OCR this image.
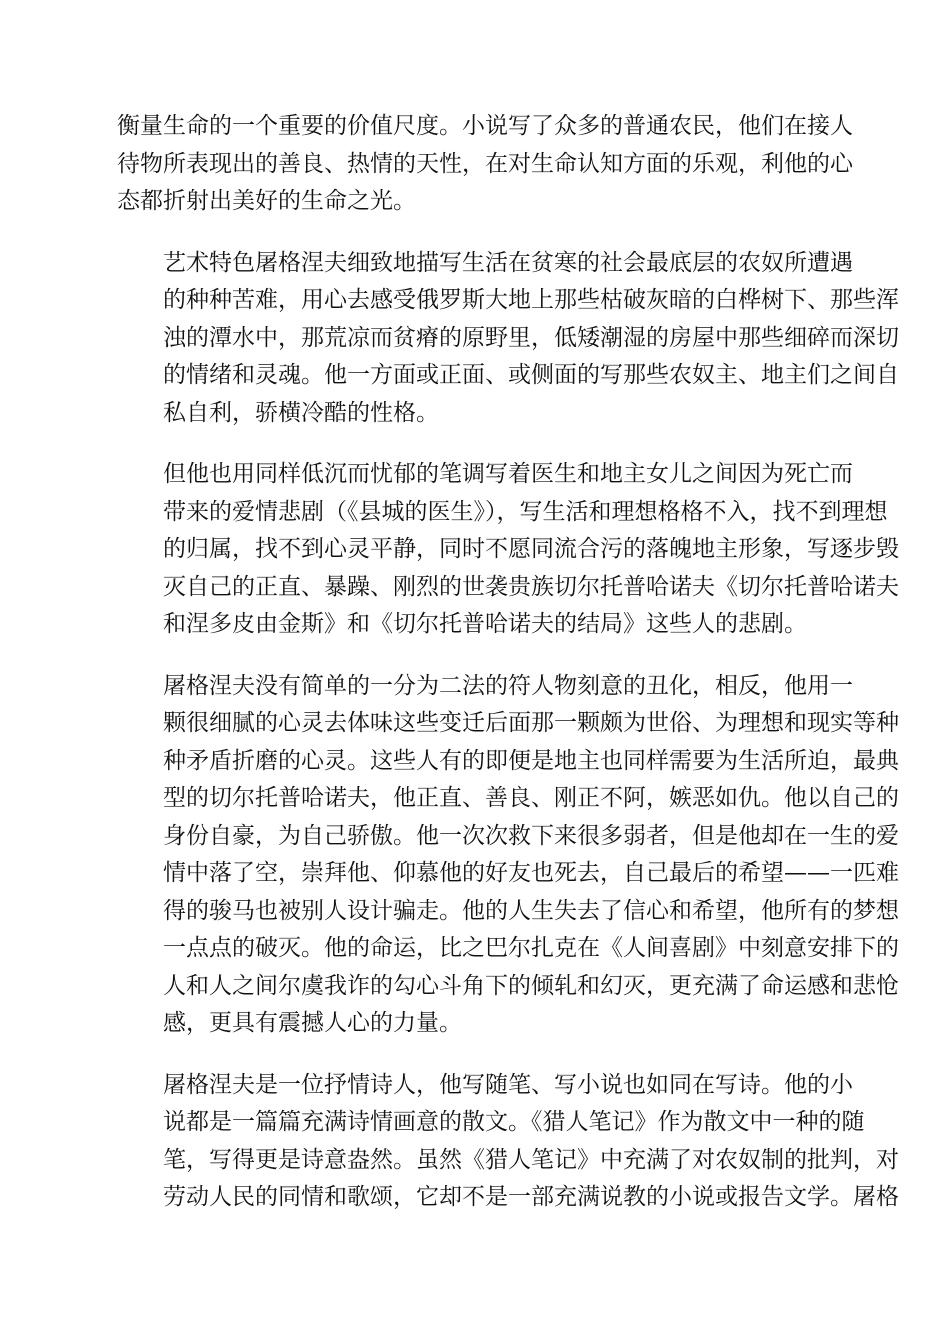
衡量生命的一个重要的价值尺度。小说写了众多的普通农民，他们在接人
待物所表现出的善良、热情的天性，在对生命认知方面的乐观，利他的心
态都折射出美好的生命之光。

艺术特色屠格涅夫细致地描写生活在贫寒的社会最底层的农奴所遭遇
的种种苦难，用心去感受俄罗斯大地上那些枯破灰暗的白桦树下、那些浑
浊的潭水中，那荒凉而贫瘠的原野里，低矮潮湿的房屋中那些细碎而深切
的情绪和灵魂。他一方面或正面、或侧面的写那些农奴主、地主们之间自
私自利，骄横冷酷的性格。

但他也用同样低沉而忧郁的笔调写着医生和地主女儿之间因为死亡而
带来的爱情悲剧（《县城的医生》），写生活和理想格格不入，找不到理想
的归属，找不到心灵平静，同时不愿同流合污的落魄地主形象，写逐步毁
灭自己的正直、暴躁、刚烈的世袭贵族切尔托普哈诺夫《切尔托普哈诺夫
和涅多皮由金斯》和《切尔托普哈诺夫的结局》这些人的悲剧。

屠格涅夫没有简单的一分为二法的符人物刻意的丑化，相反，他用一
颗很细腻的心灵去体味这些变迁后面那一颗颇为世俗、为理想和现实等种
种矛盾折磨的心灵。这些人有的即便是地主也同样需要为生活所迫，最典
型的切尔托普哈诺夫，他正直、善良、刚正不阿，嫉恶如仇。他以自己的
身份自豪，为自己骄傲。他一次次救下来很多弱者，但是他却在一生的爱
情中落了空，崇拜他、仰慕他的好友也死去，自己最后的希望——一匹难
得的骏马也被别人设计骗走。他的人生失去了信心和希望，他所有的梦想
一点点的破灭。他的命运，比之巴尔扎克在《人间喜剧》中刻意安排下的
人和人之间尔虞我诈的勾心斗角下的倾轧和幻灭，更充满了命运感和悲怆
感，更具有震撼人心的力量。

屠格涅夫是一位抒情诗人，他写随笔、写小说也如同在写诗。他的小
说都是一篇篇充满诗情画意的散文。《猎人笔记》作为散文中一种的随
笔，写得更是诗意盎然。虽然《猎人笔记》中充满了对农奴制的批判，对
劳动人民的同情和歌颂，它却不是一部充满说教的小说或报告文学。屠格
